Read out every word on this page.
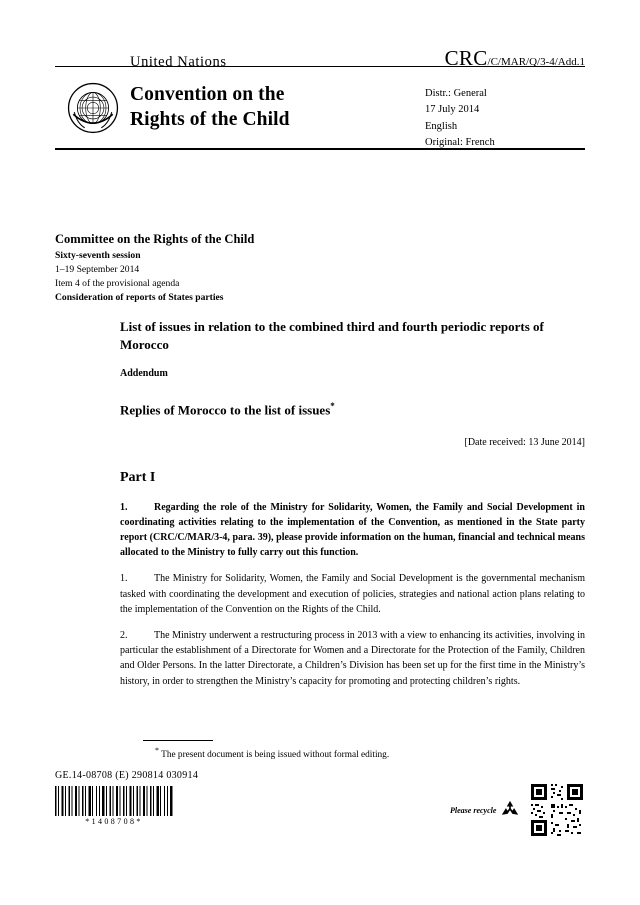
United Nations	CRC/C/MAR/Q/3-4/Add.1
Convention on the
Rights of the Child
Distr.: General
17 July 2014
English
Original: French
Committee on the Rights of the Child
Sixty-seventh session
1–19 September 2014
Item 4 of the provisional agenda
Consideration of reports of States parties
List of issues in relation to the combined third and fourth periodic reports of Morocco
Addendum
Replies of Morocco to the list of issues*
[Date received: 13 June 2014]
Part I

1.	Regarding the role of the Ministry for Solidarity, Women, the Family and Social Development in coordinating activities relating to the implementation of the Convention, as mentioned in the State party report (CRC/C/MAR/3-4, para. 39), please provide information on the human, financial and technical means allocated to the Ministry to fully carry out this function.

1.	The Ministry for Solidarity, Women, the Family and Social Development is the governmental mechanism tasked with coordinating the development and execution of policies, strategies and national action plans relating to the implementation of the Convention on the Rights of the Child.

2.	The Ministry underwent a restructuring process in 2013 with a view to enhancing its activities, involving in particular the establishment of a Directorate for Women and a Directorate for the Protection of the Family, Children and Older Persons. In the latter Directorate, a Children’s Division has been set up for the first time in the Ministry’s history, in order to strengthen the Ministry’s capacity for promoting and protecting children’s rights.

* The present document is being issued without formal editing.
GE.14-08708 (E) 290814 030914
*1408708*
Please recycle
